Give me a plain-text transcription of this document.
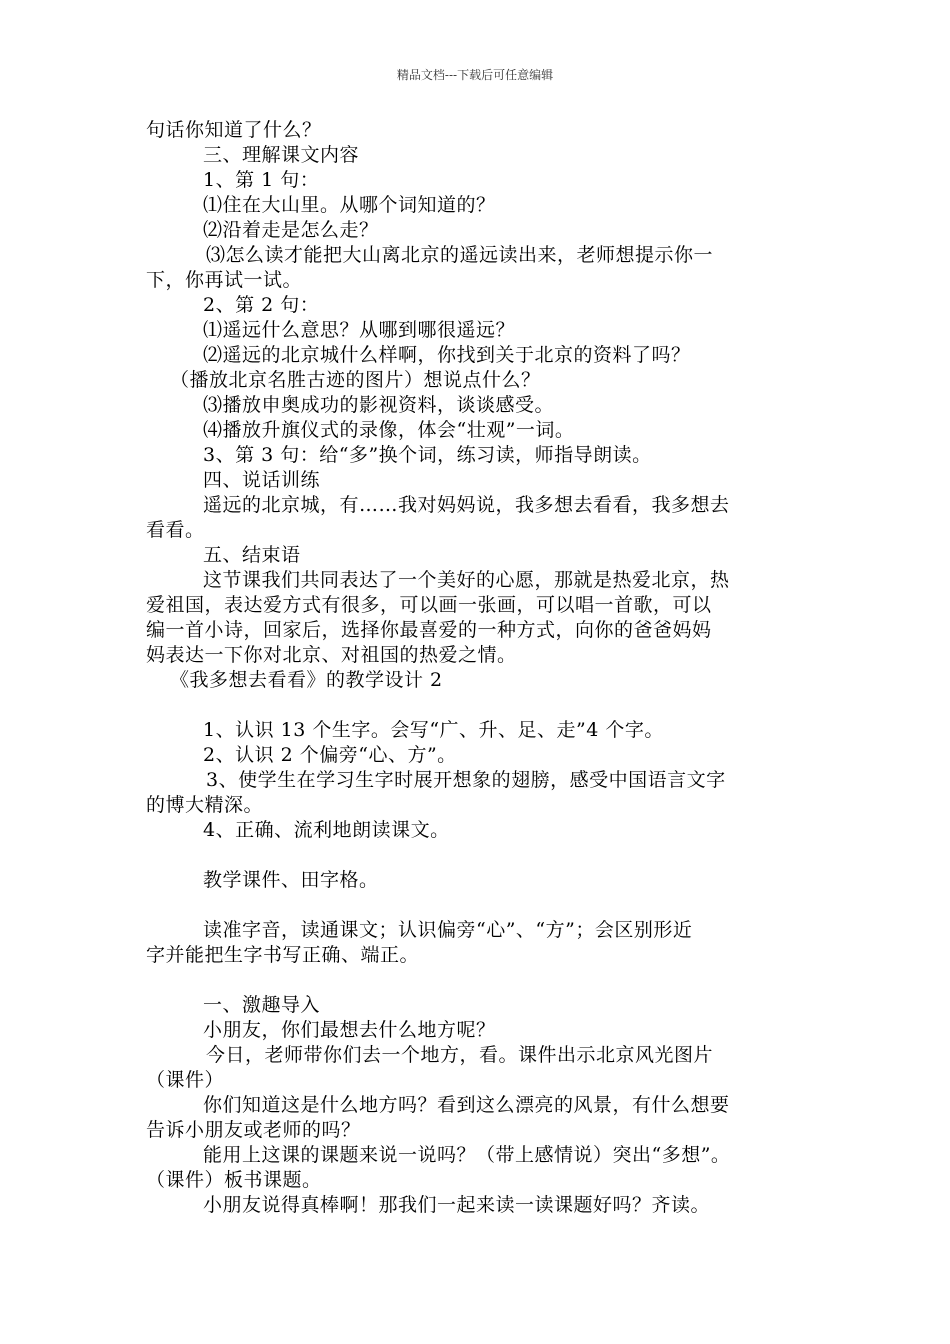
精品文档---下载后可任意编辑
句话你知道了什么？
三、理解课文内容
1、第 1 句：
⑴住在大山里。从哪个词知道的？
⑵沿着走是怎么走？
⑶怎么读才能把大山离北京的遥远读出来，老师想提示你一
下，你再试一试。
2、第 2 句：
⑴遥远什么意思？从哪到哪很遥远？
⑵遥远的北京城什么样啊，你找到关于北京的资料了吗？
（播放北京名胜古迹的图片）想说点什么？
⑶播放申奥成功的影视资料，谈谈感受。
⑷播放升旗仪式的录像，体会“壮观”一词。
3、第 3 句：给“多”换个词，练习读，师指导朗读。
四、说话训练
遥远的北京城，有……我对妈妈说，我多想去看看，我多想去
看看。
五、结束语
这节课我们共同表达了一个美好的心愿，那就是热爱北京，热
爱祖国，表达爱方式有很多，可以画一张画，可以唱一首歌，可以
编一首小诗，回家后，选择你最喜爱的一种方式，向你的爸爸妈妈
妈表达一下你对北京、对祖国的热爱之情。
《我多想去看看》的教学设计 2
1、认识 13 个生字。会写“广、升、足、走”4 个字。
2、认识 2 个偏旁“心、方”。
3、使学生在学习生字时展开想象的翅膀，感受中国语言文字
的博大精深。
4、正确、流利地朗读课文。
教学课件、田字格。
读准字音，读通课文；认识偏旁“心”、“方”；会区别形近
字并能把生字书写正确、端正。
一、激趣导入
小朋友，你们最想去什么地方呢？
今日，老师带你们去一个地方，看。课件出示北京风光图片
（课件）
你们知道这是什么地方吗？看到这么漂亮的风景，有什么想要
告诉小朋友或老师的吗？
能用上这课的课题来说一说吗？（带上感情说）突出“多想”。
（课件）板书课题。
小朋友说得真棒啊！那我们一起来读一读课题好吗？齐读。
